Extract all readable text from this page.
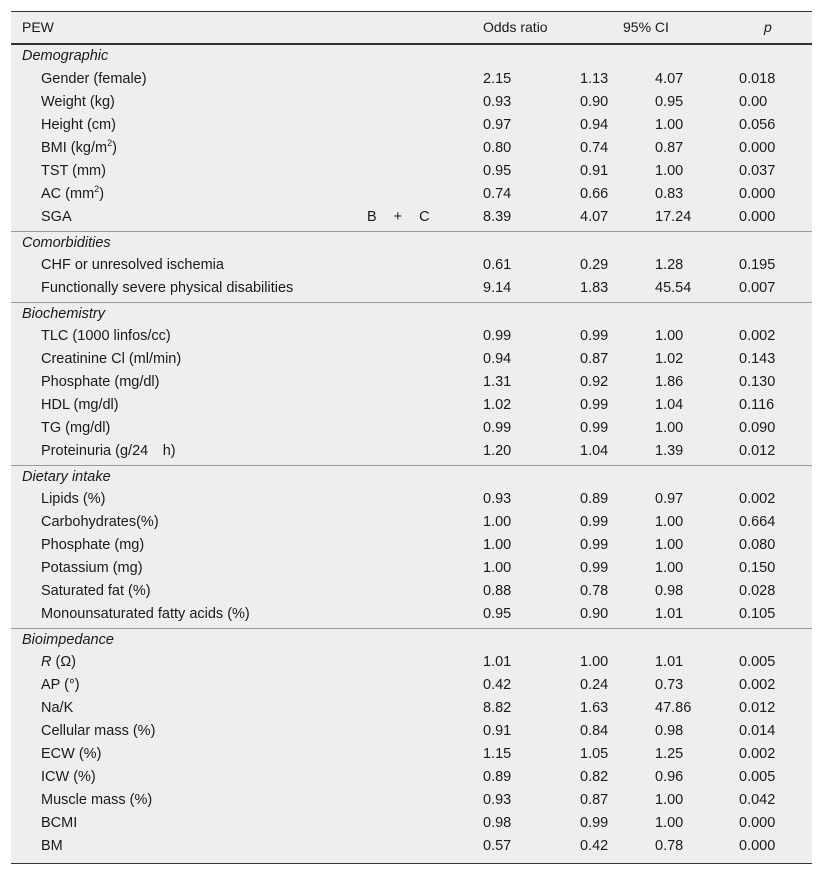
PEW	Odds ratio	95% CI	p
Demographic
Gender (female)	2.15	1.13	4.07	0.018
Weight (kg)	0.93	0.90	0.95	0.00
Height (cm)	0.97	0.94	1.00	0.056
BMI $(kg/m^2)$	0.80	0.74	0.87	0.000
TST (mm)	0.95	0.91	1.00	0.037
AC $(mm^2)$	0.74	0.66	0.83	0.000
SGA	B + C	8.39	4.07	17.24	0.000
Comorbidities
CHF or unresolved ischemia	0.61	0.29	1.28	0.195
Functionally severe physical disabilities	9.14	1.83	45.54	0.007
Biochemistry
TLC (1000 linfos/cc)	0.99	0.99	1.00	0.002
Creatinine Cl (ml/min)	0.94	0.87	1.02	0.143
Phosphate (mg/dl)	1.31	0.92	1.86	0.130
HDL (mg/dl)	1.02	0.99	1.04	0.116
TG (mg/dl)	0.99	0.99	1.00	0.090
Proteinuria (g/24 h)	1.20	1.04	1.39	0.012
Dietary intake
Lipids (%)	0.93	0.89	0.97	0.002
Carbohydrates(%)	1.00	0.99	1.00	0.664
Phosphate (mg)	1.00	0.99	1.00	0.080
Potassium (mg)	1.00	0.99	1.00	0.150
Saturated fat (%)	0.88	0.78	0.98	0.028
Monounsaturated fatty acids (%)	0.95	0.90	1.01	0.105
Bioimpedance
R (Ω)	1.01	1.00	1.01	0.005
AP (°)	0.42	0.24	0.73	0.002
Na/K	8.82	1.63	47.86	0.012
Cellular mass (%)	0.91	0.84	0.98	0.014
ECW (%)	1.15	1.05	1.25	0.002
ICW (%)	0.89	0.82	0.96	0.005
Muscle mass (%)	0.93	0.87	1.00	0.042
BCMI	0.98	0.99	1.00	0.000
BM	0.57	0.42	0.78	0.000
